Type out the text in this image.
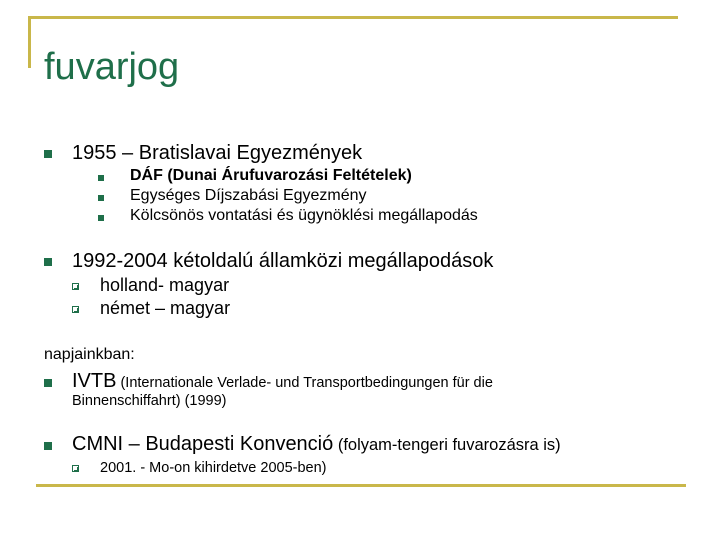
fuvarjog
1955 – Bratislavai Egyezmények
DÁF (Dunai Árufuvarozási Feltételek)
Egységes Díjszabási Egyezmény
Kölcsönös vontatási és ügynöklési megállapodás
1992-2004 kétoldalú államközi megállapodások
holland- magyar
német – magyar
napjainkban:
IVTB (Internationale Verlade- und Transportbedingungen für die
Binnenschiffahrt) (1999)
CMNI – Budapesti Konvenció (folyam-tengeri fuvarozásra is)
2001. - Mo-on kihirdetve 2005-ben)
